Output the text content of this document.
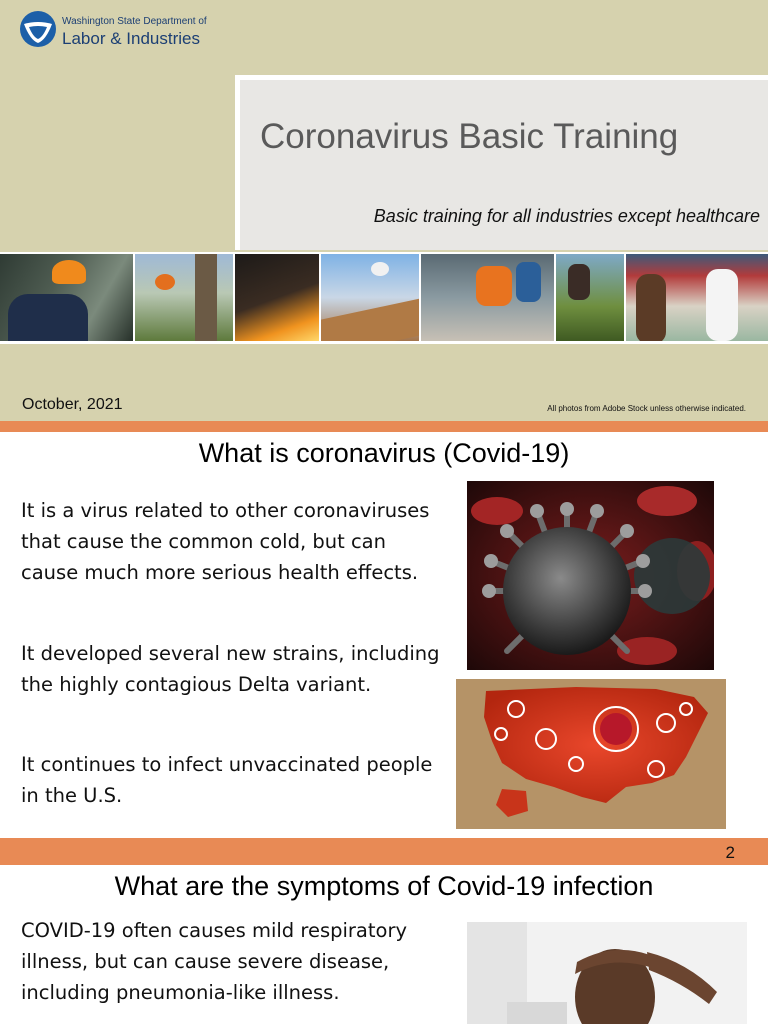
Washington State Department of
Labor & Industries
Coronavirus Basic Training
Basic training for all industries except healthcare
October, 2021	All photos from Adobe Stock unless otherwise indicated.
What is coronavirus (Covid-19)
It is a virus related to other coronaviruses that cause the common cold, but can cause much more serious health effects.
It developed several new strains, including the highly contagious Delta variant.
It continues to infect unvaccinated people in the U.S.
2
What are the symptoms of Covid-19 infection
COVID-19 often causes mild respiratory illness, but can cause severe disease, including pneumonia-like illness.
